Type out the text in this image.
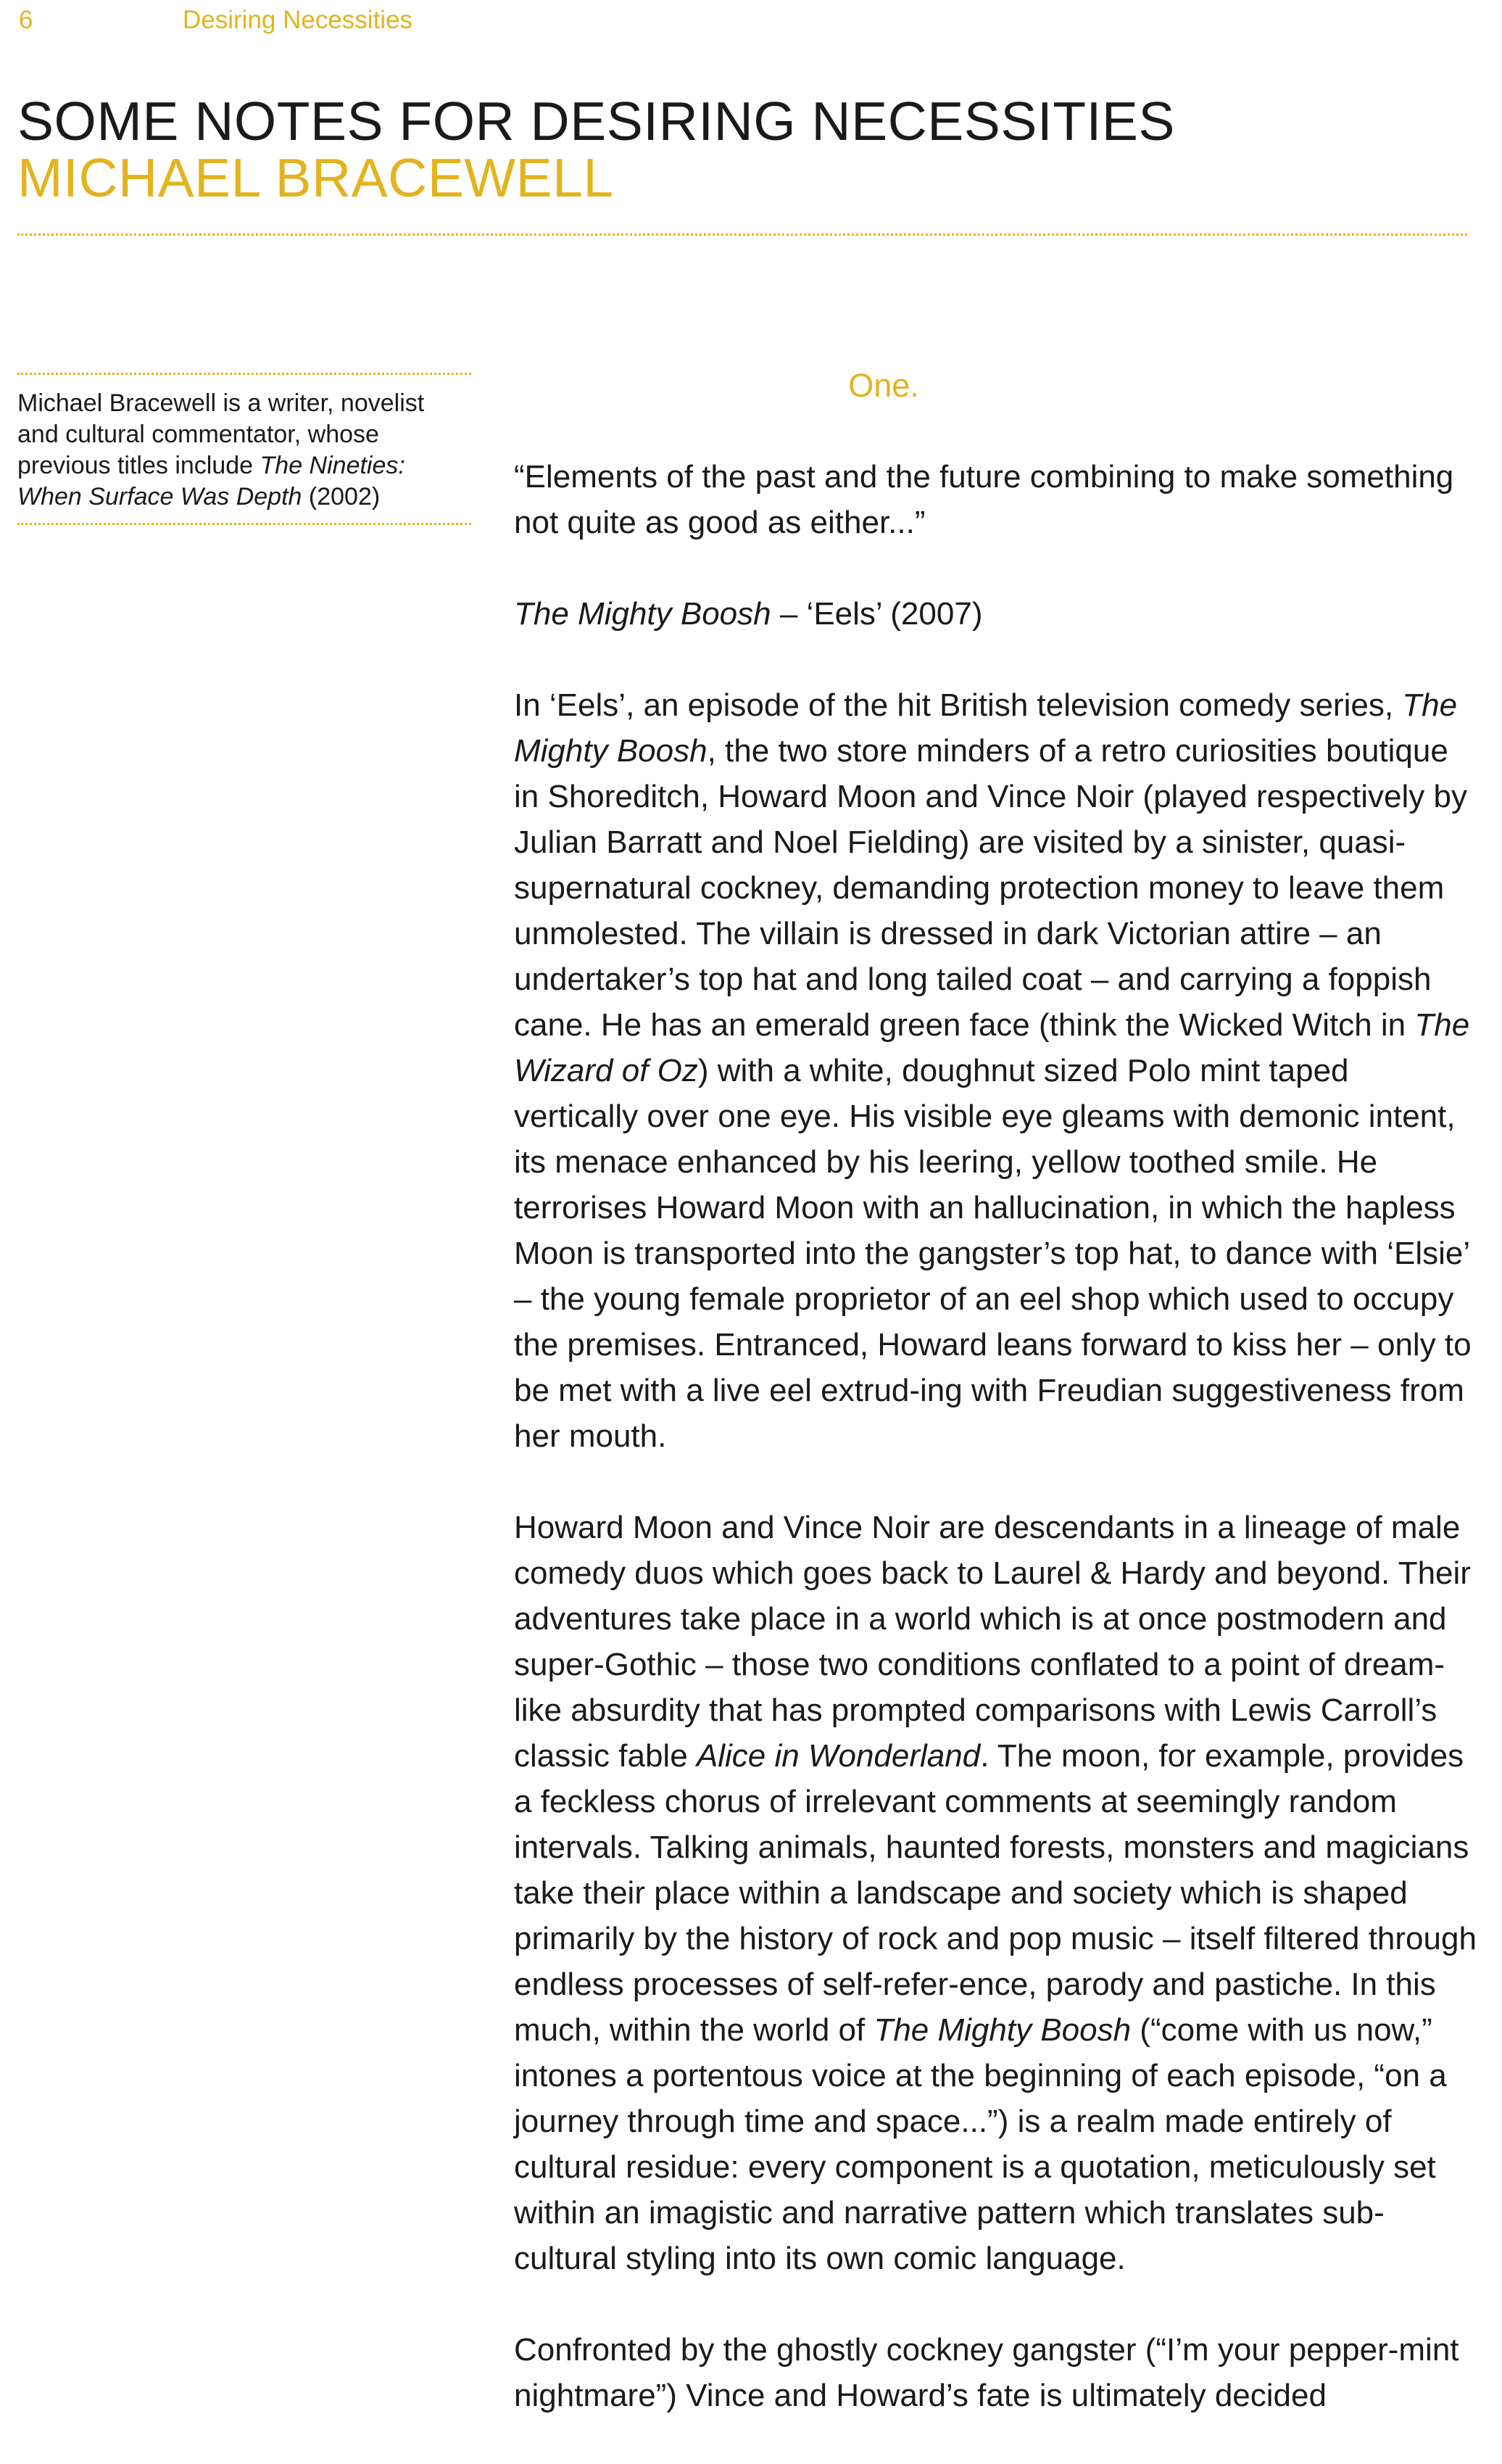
6	Desiring Necessities
SOME NOTES FOR DESIRING NECESSITIES
MICHAEL BRACEWELL
Michael Bracewell is a writer, novelist and cultural commentator, whose previous titles include The Nineties: When Surface Was Depth (2002)
One.

“Elements of the past and the future combining to make something not quite as good as either...”

The Mighty Boosh – ‘Eels’ (2007)

In ‘Eels’, an episode of the hit British television comedy series, The Mighty Boosh, the two store minders of a retro curiosities boutique in Shoreditch, Howard Moon and Vince Noir (played respectively by Julian Barratt and Noel Fielding) are visited by a sinister, quasi-supernatural cockney, demanding protection money to leave them unmolested. The villain is dressed in dark Victorian attire – an undertaker’s top hat and long tailed coat – and carrying a foppish cane. He has an emerald green face (think the Wicked Witch in The Wizard of Oz) with a white, doughnut sized Polo mint taped vertically over one eye. His visible eye gleams with demonic intent, its menace enhanced by his leering, yellow toothed smile. He terrorises Howard Moon with an hallucination, in which the hapless Moon is transported into the gangster’s top hat, to dance with ‘Elsie’ – the young female proprietor of an eel shop which used to occupy the premises. Entranced, Howard leans forward to kiss her – only to be met with a live eel extrud-ing with Freudian suggestiveness from her mouth.

Howard Moon and Vince Noir are descendants in a lineage of male comedy duos which goes back to Laurel & Hardy and beyond. Their adventures take place in a world which is at once postmodern and super-Gothic – those two conditions conflated to a point of dream-like absurdity that has prompted comparisons with Lewis Carroll’s classic fable Alice in Wonderland. The moon, for example, provides a feckless chorus of irrelevant comments at seemingly random intervals. Talking animals, haunted forests, monsters and magicians take their place within a landscape and society which is shaped primarily by the history of rock and pop music – itself filtered through endless processes of self-refer-ence, parody and pastiche. In this much, within the world of The Mighty Boosh (“come with us now,” intones a portentous voice at the beginning of each episode, “on a journey through time and space...”) is a realm made entirely of cultural residue: every component is a quotation, meticulously set within an imagistic and narrative pattern which translates sub-cultural styling into its own comic language.

Confronted by the ghostly cockney gangster (“I’m your pepper-mint nightmare”) Vince and Howard’s fate is ultimately decided
